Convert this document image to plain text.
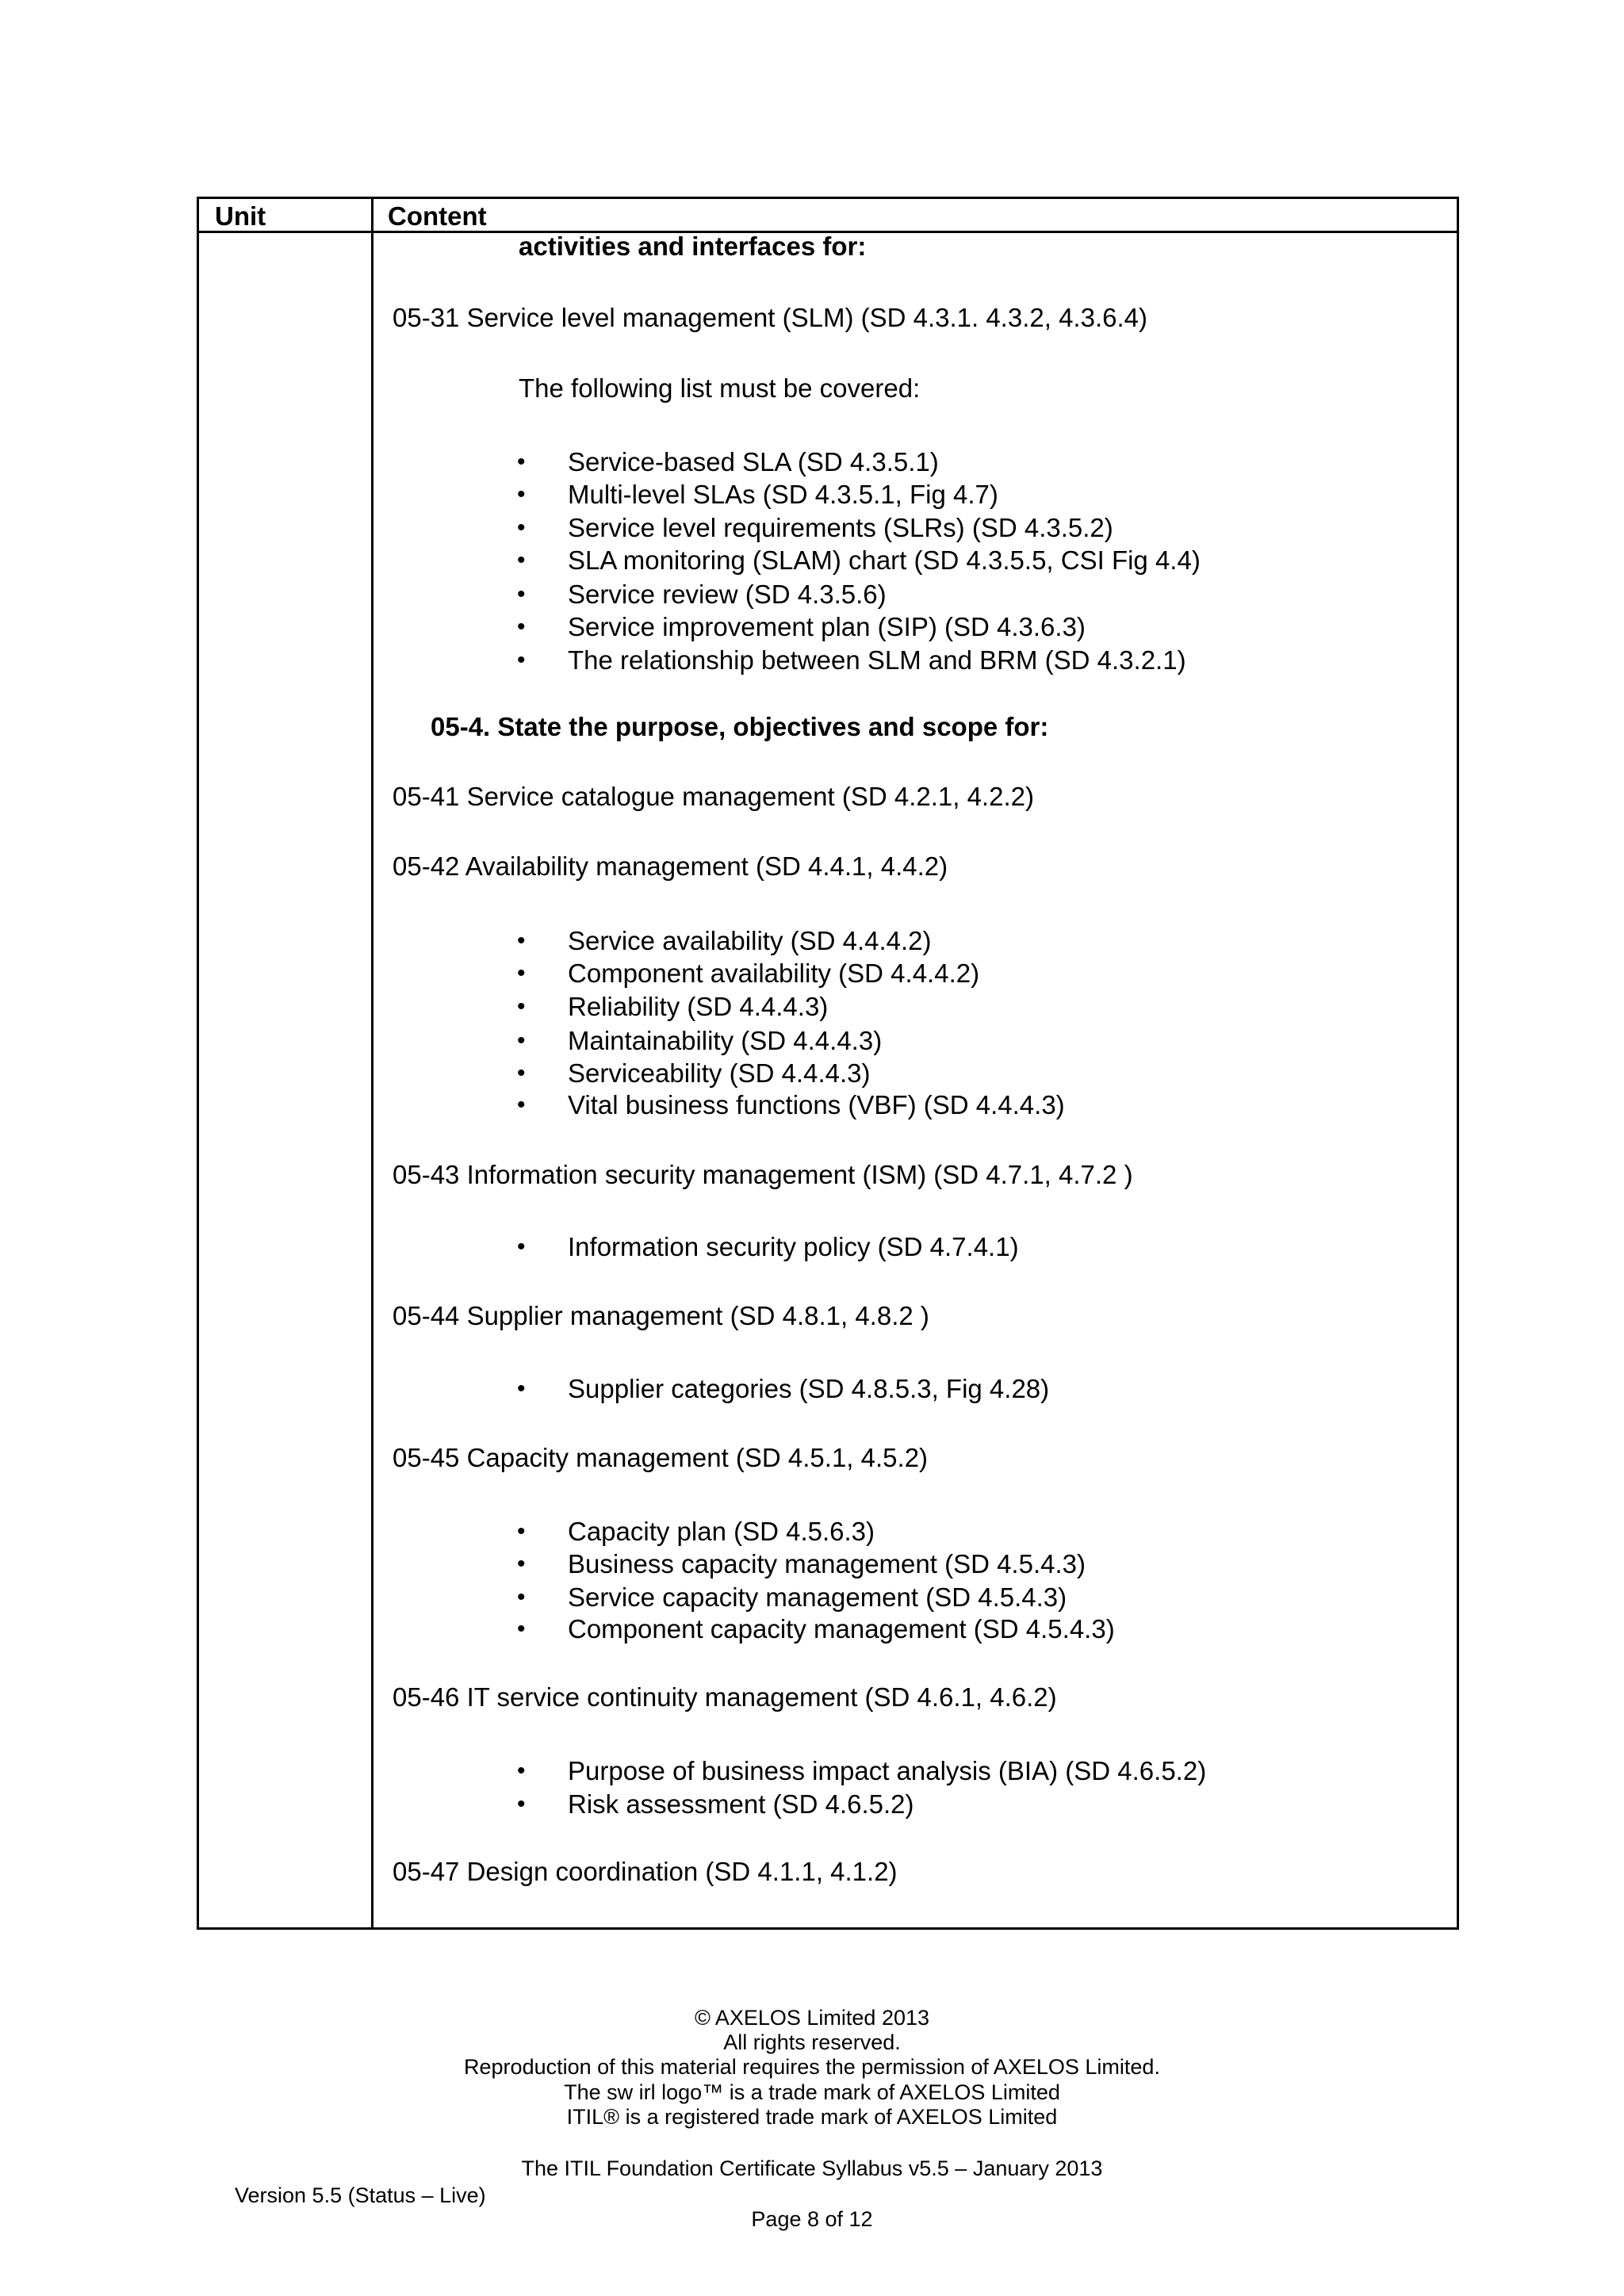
Unit	Content
activities and interfaces for:
05-31 Service level management (SLM) (SD 4.3.1. 4.3.2, 4.3.6.4)
The following list must be covered:
• Service-based SLA (SD 4.3.5.1)
• Multi-level SLAs (SD 4.3.5.1, Fig 4.7)
• Service level requirements (SLRs) (SD 4.3.5.2)
• SLA monitoring (SLAM) chart (SD 4.3.5.5, CSI Fig 4.4)
• Service review (SD 4.3.5.6)
• Service improvement plan (SIP) (SD 4.3.6.3)
• The relationship between SLM and BRM (SD 4.3.2.1)
05-4. State the purpose, objectives and scope for:
05-41 Service catalogue management (SD 4.2.1, 4.2.2)
05-42 Availability management (SD 4.4.1, 4.4.2)
• Service availability (SD 4.4.4.2)
• Component availability (SD 4.4.4.2)
• Reliability (SD 4.4.4.3)
• Maintainability (SD 4.4.4.3)
• Serviceability (SD 4.4.4.3)
• Vital business functions (VBF) (SD 4.4.4.3)
05-43 Information security management (ISM) (SD 4.7.1, 4.7.2 )
• Information security policy (SD 4.7.4.1)
05-44 Supplier management (SD 4.8.1, 4.8.2 )
• Supplier categories (SD 4.8.5.3, Fig 4.28)
05-45 Capacity management (SD 4.5.1, 4.5.2)
• Capacity plan (SD 4.5.6.3)
• Business capacity management (SD 4.5.4.3)
• Service capacity management (SD 4.5.4.3)
• Component capacity management (SD 4.5.4.3)
05-46 IT service continuity management (SD 4.6.1, 4.6.2)
• Purpose of business impact analysis (BIA) (SD 4.6.5.2)
• Risk assessment (SD 4.6.5.2)
05-47 Design coordination (SD 4.1.1, 4.1.2)
© AXELOS Limited 2013
All rights reserved.
Reproduction of this material requires the permission of AXELOS Limited.
The sw irl logo™ is a trade mark of AXELOS Limited
ITIL® is a registered trade mark of AXELOS Limited
The ITIL Foundation Certificate Syllabus v5.5 – January 2013
Version 5.5 (Status – Live)
Page 8 of 12
